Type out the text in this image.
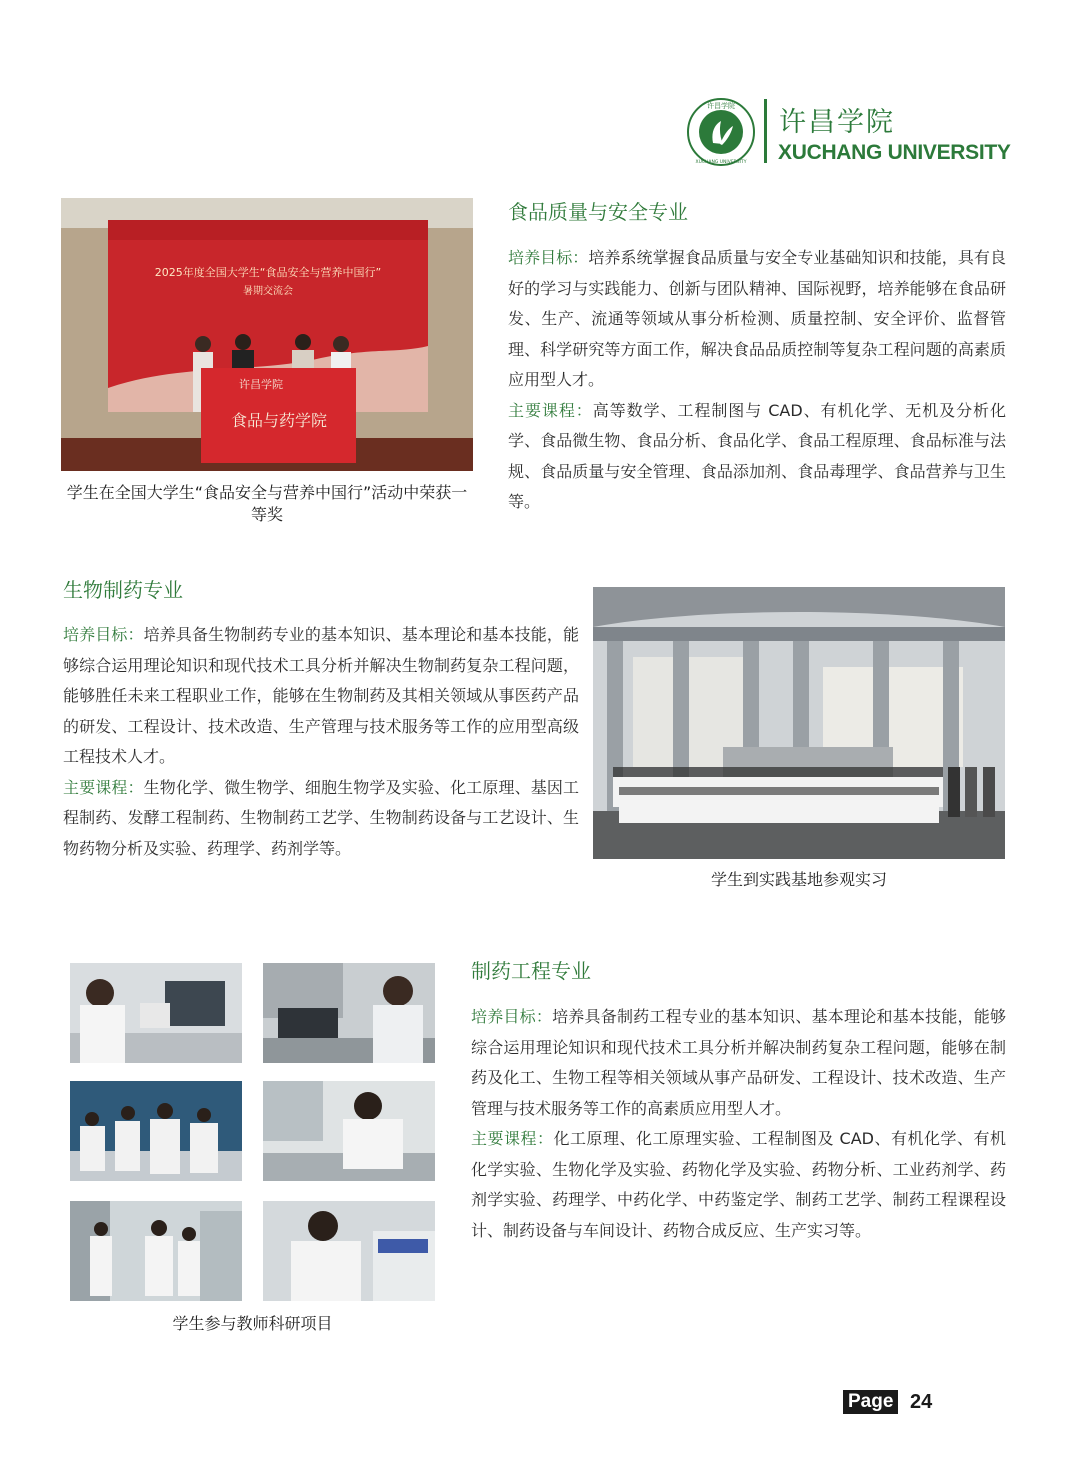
许昌学院
XUCHANG UNIVERSITY
许昌学院
XUCHANG UNIVERSITY
2025年度全国大学生“食品安全与营养中国行”
暑期交流会
许昌学院
食品与药学院
学生在全国大学生“食品安全与营养中国行”活动中荣获一等奖
食品质量与安全专业
培养目标：培养系统掌握食品质量与安全专业基础知识和技能，具有良好的学习与实践能力、创新与团队精神、国际视野，培养能够在食品研发、生产、流通等领域从事分析检测、质量控制、安全评价、监督管理、科学研究等方面工作，解决食品品质控制等复杂工程问题的高素质应用型人才。
主要课程：高等数学、工程制图与 CAD、有机化学、无机及分析化学、食品微生物、食品分析、食品化学、食品工程原理、食品标准与法规、食品质量与安全管理、食品添加剂、食品毒理学、食品营养与卫生等。
生物制药专业
培养目标：培养具备生物制药专业的基本知识、基本理论和基本技能，能够综合运用理论知识和现代技术工具分析并解决生物制药复杂工程问题，能够胜任未来工程职业工作，能够在生物制药及其相关领域从事医药产品的研发、工程设计、技术改造、生产管理与技术服务等工作的应用型高级工程技术人才。
主要课程：生物化学、微生物学、细胞生物学及实验、化工原理、基因工程制药、发酵工程制药、生物制药工艺学、生物制药设备与工艺设计、生物药物分析及实验、药理学、药剂学等。
学生到实践基地参观实习
制药工程专业
培养目标：培养具备制药工程专业的基本知识、基本理论和基本技能，能够综合运用理论知识和现代技术工具分析并解决制药复杂工程问题，能够在制药及化工、生物工程等相关领域从事产品研发、工程设计、技术改造、生产管理与技术服务等工作的高素质应用型人才。
主要课程：化工原理、化工原理实验、工程制图及 CAD、有机化学、有机化学实验、生物化学及实验、药物化学及实验、药物分析、工业药剂学、药剂学实验、药理学、中药化学、中药鉴定学、制药工艺学、制药工程课程设计、制药设备与车间设计、药物合成反应、生产实习等。
学生参与教师科研项目
Page 24
